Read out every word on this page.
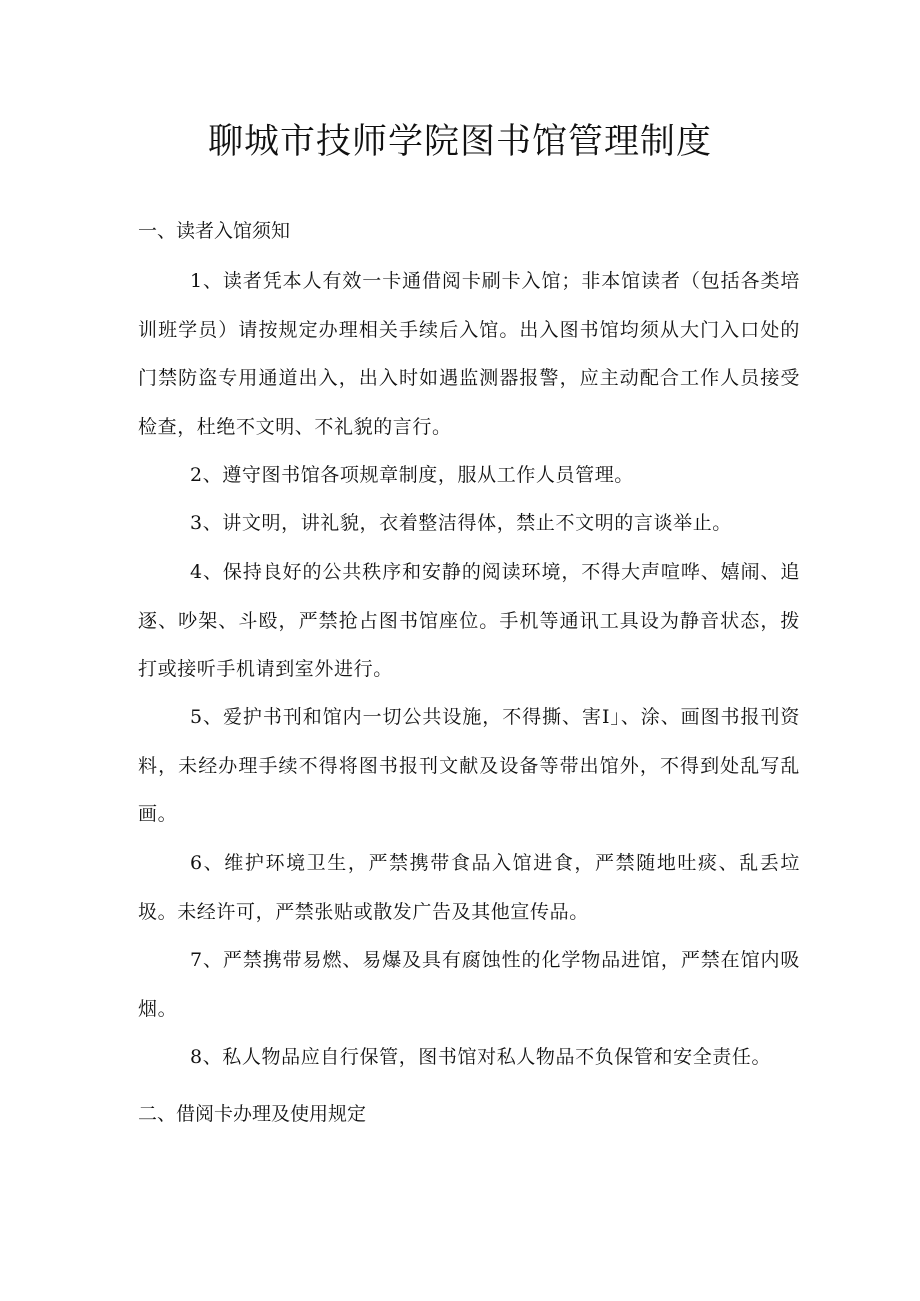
聊城市技师学院图书馆管理制度

一、读者入馆须知

1、读者凭本人有效一卡通借阅卡刷卡入馆；非本馆读者（包括各类培训班学员）请按规定办理相关手续后入馆。出入图书馆均须从大门入口处的门禁防盗专用通道出入，出入时如遇监测器报警，应主动配合工作人员接受检查，杜绝不文明、不礼貌的言行。

2、遵守图书馆各项规章制度，服从工作人员管理。

3、讲文明，讲礼貌，衣着整洁得体，禁止不文明的言谈举止。

4、保持良好的公共秩序和安静的阅读环境，不得大声喧哗、嬉闹、追逐、吵架、斗殴，严禁抢占图书馆座位。手机等通讯工具设为静音状态，拨打或接听手机请到室外进行。

5、爱护书刊和馆内一切公共设施，不得撕、害I」、涂、画图书报刊资料，未经办理手续不得将图书报刊文献及设备等带出馆外，不得到处乱写乱画。

6、维护环境卫生，严禁携带食品入馆进食，严禁随地吐痰、乱丢垃圾。未经许可，严禁张贴或散发广告及其他宣传品。

7、严禁携带易燃、易爆及具有腐蚀性的化学物品进馆，严禁在馆内吸烟。

8、私人物品应自行保管，图书馆对私人物品不负保管和安全责任。

二、借阅卡办理及使用规定
